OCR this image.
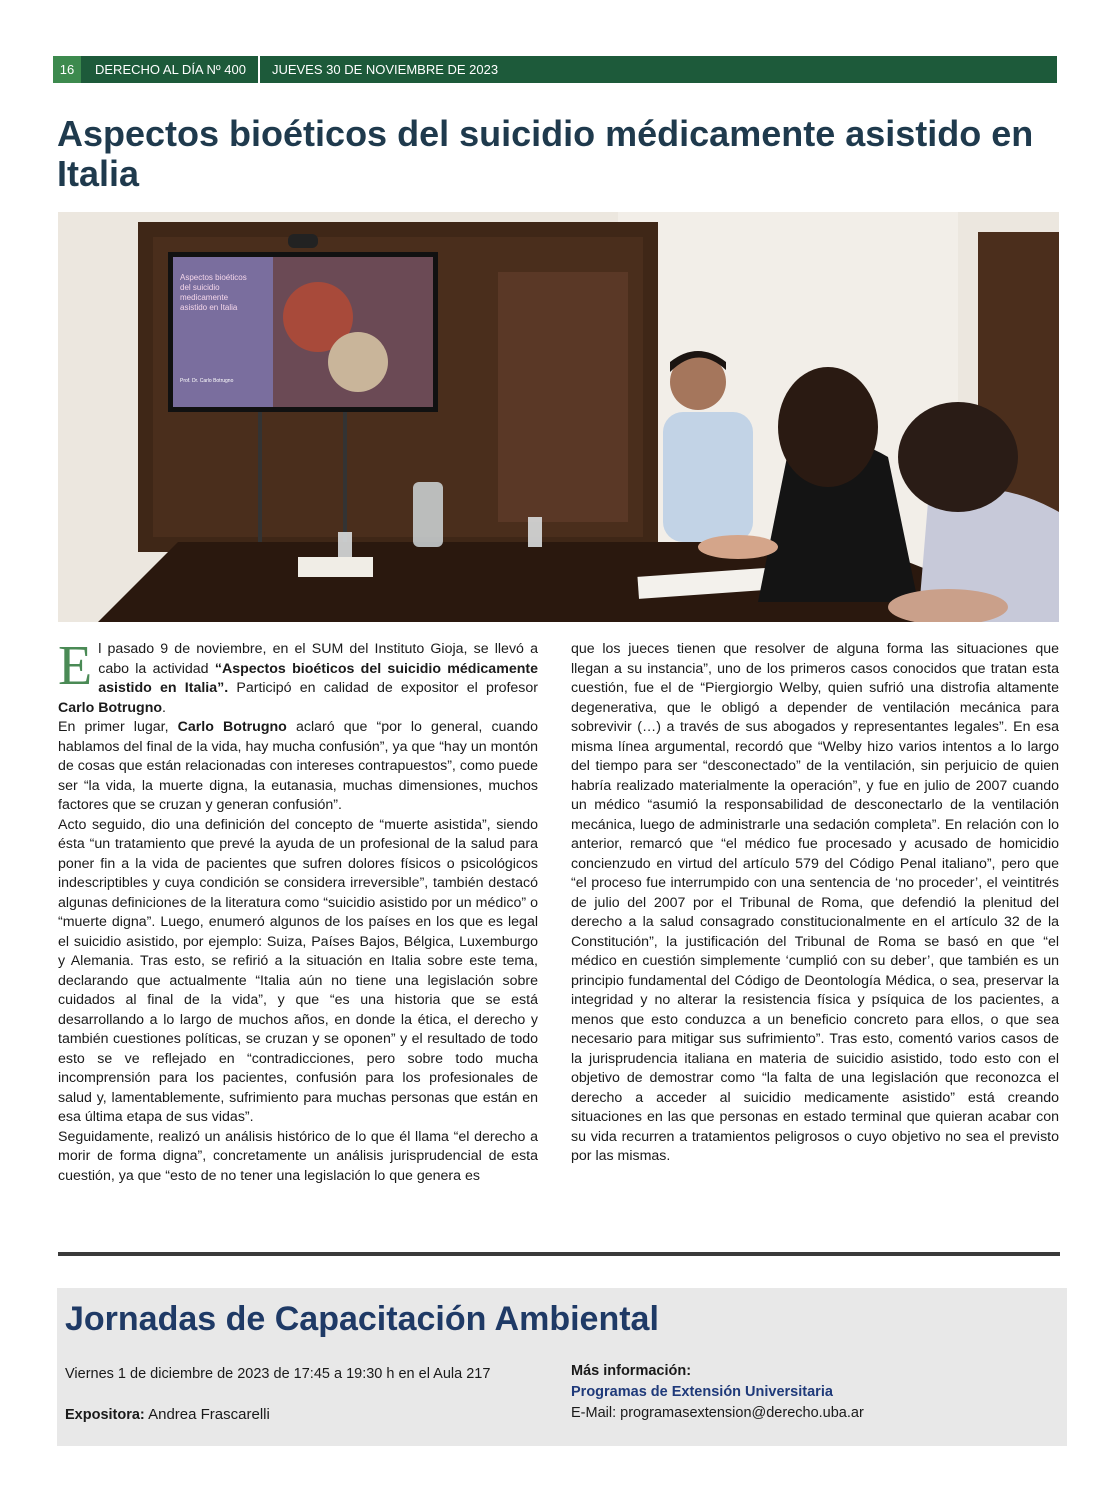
16	DERECHO AL DÍA Nº 400	JUEVES 30 DE NOVIEMBRE DE 2023
Aspectos bioéticos del suicidio médicamente asistido en Italia
Aspectos bioéticos
del suicidio
medicamente
asistido en Italia
Prof. Dr. Carlo Botrugno

El pasado 9 de noviembre, en el SUM del Instituto Gioja, se llevó a cabo la actividad “Aspectos bioéticos del suicidio médicamente asistido en Italia”. Participó en calidad de expositor el profesor Carlo Botrugno.

En primer lugar, Carlo Botrugno aclaró que “por lo general, cuando hablamos del final de la vida, hay mucha confusión”, ya que “hay un montón de cosas que están relacionadas con intereses contrapuestos”, como puede ser “la vida, la muerte digna, la eutanasia, muchas dimensiones, muchos factores que se cruzan y generan confusión”.

Acto seguido, dio una definición del concepto de “muerte asistida”, siendo ésta “un tratamiento que prevé la ayuda de un profesional de la salud para poner fin a la vida de pacientes que sufren dolores físicos o psicológicos indescriptibles y cuya condición se considera irreversible”, también destacó algunas definiciones de la literatura como “suicidio asistido por un médico” o “muerte digna”. Luego, enumeró algunos de los países en los que es legal el suicidio asistido, por ejemplo: Suiza, Países Bajos, Bélgica, Luxemburgo y Alemania. Tras esto, se refirió a la situación en Italia sobre este tema, declarando que actualmente “Italia aún no tiene una legislación sobre cuidados al final de la vida”, y que “es una historia que se está desarrollando a lo largo de muchos años, en donde la ética, el derecho y también cuestiones políticas, se cruzan y se oponen” y el resultado de todo esto se ve reflejado en “contradicciones, pero sobre todo mucha incomprensión para los pacientes, confusión para los profesionales de salud y, lamentablemente, sufrimiento para muchas personas que están en esa última etapa de sus vidas”.

Seguidamente, realizó un análisis histórico de lo que él llama “el derecho a morir de forma digna”, concretamente un análisis jurisprudencial de esta cuestión, ya que “esto de no tener una legislación lo que genera es

que los jueces tienen que resolver de alguna forma las situaciones que llegan a su instancia”, uno de los primeros casos conocidos que tratan esta cuestión, fue el de “Piergiorgio Welby, quien sufrió una distrofia altamente degenerativa, que le obligó a depender de ventilación mecánica para sobrevivir (…) a través de sus abogados y representantes legales”. En esa misma línea argumental, recordó que “Welby hizo varios intentos a lo largo del tiempo para ser “desconectado” de la ventilación, sin perjuicio de quien habría realizado materialmente la operación”, y fue en julio de 2007 cuando un médico “asumió la responsabilidad de desconectarlo de la ventilación mecánica, luego de administrarle una sedación completa”. En relación con lo anterior, remarcó que “el médico fue procesado y acusado de homicidio concienzudo en virtud del artículo 579 del Código Penal italiano”, pero que “el proceso fue interrumpido con una sentencia de ‘no proceder’, el veintitrés de julio del 2007 por el Tribunal de Roma, que defendió la plenitud del derecho a la salud consagrado constitucionalmente en el artículo 32 de la Constitución”, la justificación del Tribunal de Roma se basó en que “el médico en cuestión simplemente ‘cumplió con su deber’, que también es un principio fundamental del Código de Deontología Médica, o sea, preservar la integridad y no alterar la resistencia física y psíquica de los pacientes, a menos que esto conduzca a un beneficio concreto para ellos, o que sea necesario para mitigar sus sufrimiento”. Tras esto, comentó varios casos de la jurisprudencia italiana en materia de suicidio asistido, todo esto con el objetivo de demostrar como “la falta de una legislación que reconozca el derecho a acceder al suicidio medicamente asistido” está creando situaciones en las que personas en estado terminal que quieran acabar con su vida recurren a tratamientos peligrosos o cuyo objetivo no sea el previsto por las mismas.

Jornadas de Capacitación Ambiental
Viernes 1 de diciembre de 2023 de 17:45 a 19:30 h en el Aula 217
Expositora: Andrea Frascarelli
Más información:
Programas de Extensión Universitaria
E-Mail: programasextension@derecho.uba.ar
